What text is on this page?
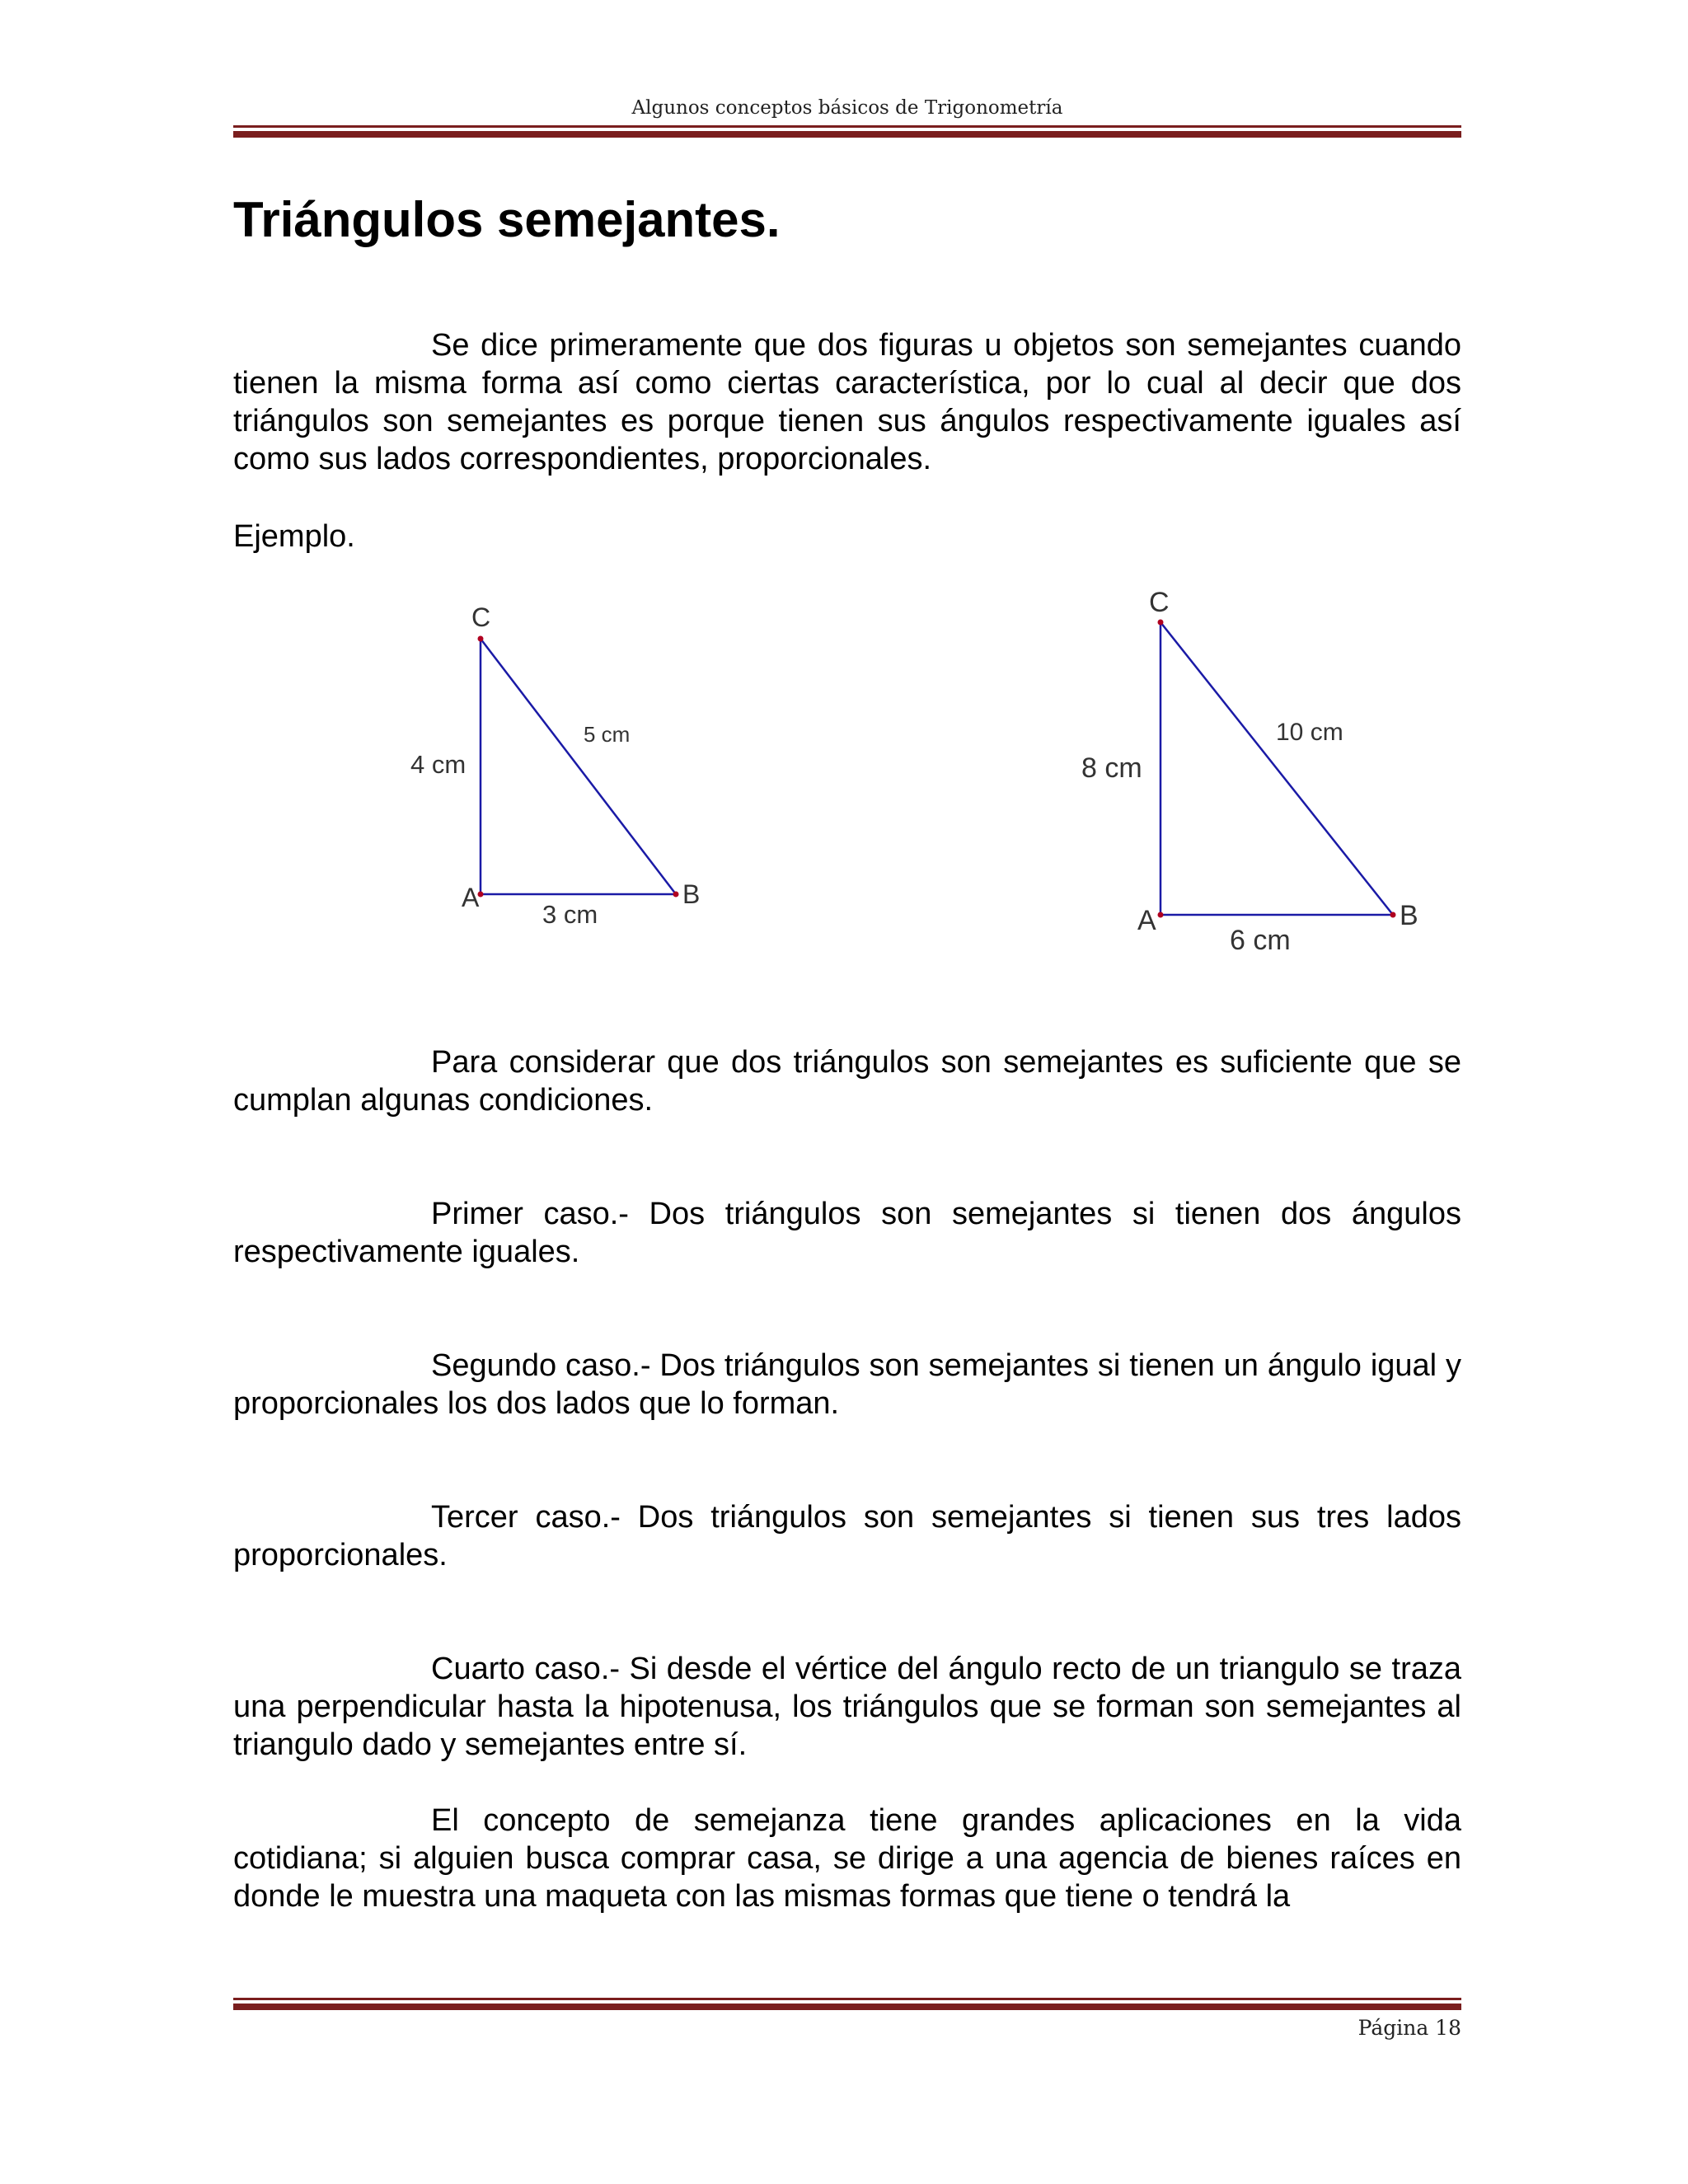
Algunos conceptos básicos de Trigonometría
Triángulos semejantes.

Se dice primeramente que dos figuras u objetos son semejantes cuando tienen la misma forma así como ciertas característica, por lo cual al decir que dos triángulos son semejantes es porque tienen sus ángulos respectivamente iguales así como sus lados correspondientes, proporcionales.

Ejemplo.

C
A	B
4 cm
3 cm
5 cm
C
A	B
8 cm
6 cm
10 cm

Para considerar que dos triángulos son semejantes es suficiente que se cumplan algunas condiciones.

Primer caso.- Dos triángulos son semejantes si tienen dos ángulos respectivamente iguales.

Segundo caso.- Dos triángulos son semejantes si tienen un ángulo igual y proporcionales los dos lados que lo forman.

Tercer caso.- Dos triángulos son semejantes si tienen sus tres lados proporcionales.

Cuarto caso.- Si desde el vértice del ángulo recto de un triangulo se traza una perpendicular hasta la hipotenusa, los triángulos que se forman son semejantes al triangulo dado y semejantes entre sí.

El concepto de semejanza tiene grandes aplicaciones en la vida cotidiana; si alguien busca comprar casa, se dirige a una agencia de bienes raíces en donde le muestra una maqueta con las mismas formas que tiene o tendrá la

Página 18
